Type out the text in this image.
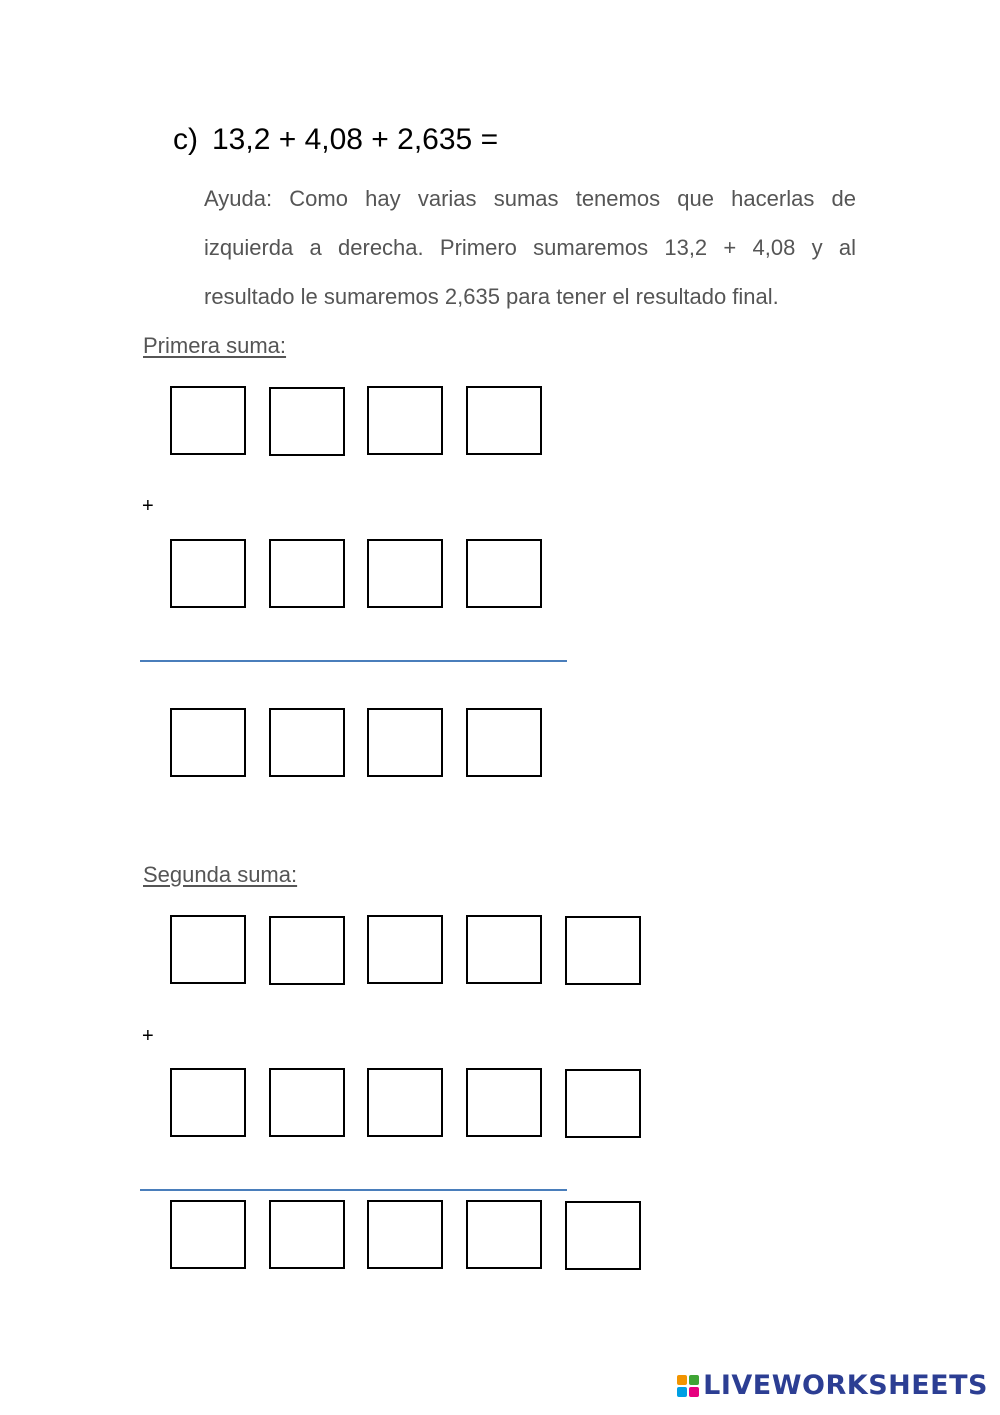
c) 13,2 + 4,08 + 2,635 =

Ayuda: Como hay varias sumas tenemos que hacerlas de izquierda a derecha. Primero sumaremos 13,2 + 4,08 y al resultado le sumaremos 2,635 para tener el resultado final.

Primera suma:
+
Segunda suma:
+
LIVEWORKSHEETS
